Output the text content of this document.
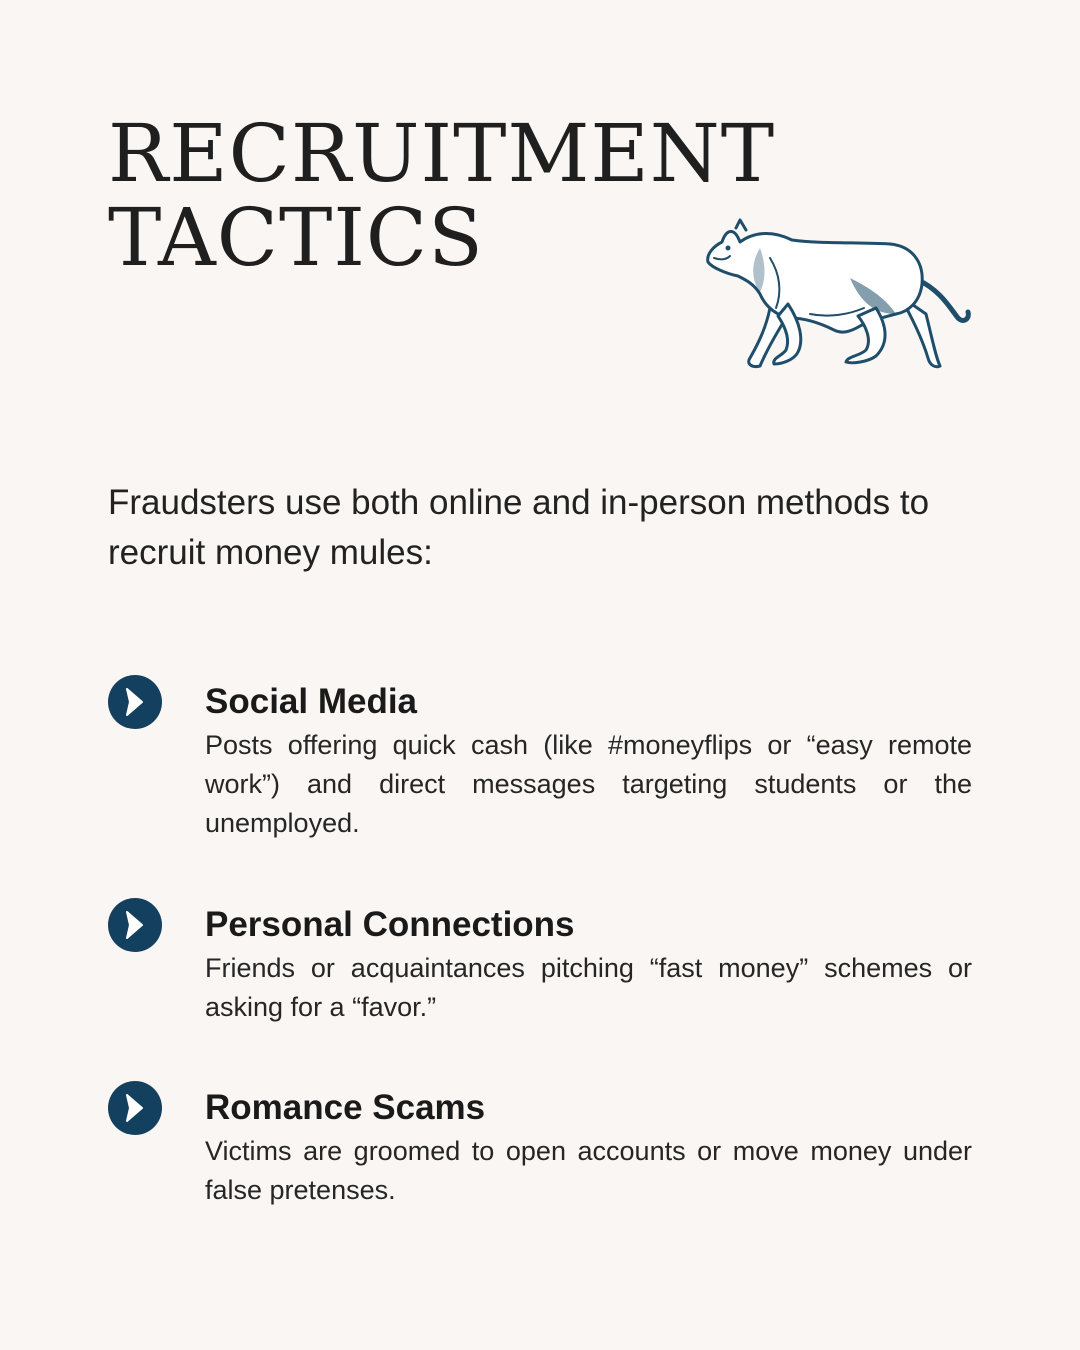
RECRUITMENT
TACTICS

Fraudsters use both online and in-person methods to recruit money mules:

Social Media

Posts offering quick cash (like #moneyflips or “easy remote work”) and direct messages targeting students or the unemployed.

Personal Connections

Friends or acquaintances pitching “fast money” schemes or asking for a “favor.”

Romance Scams

Victims are groomed to open accounts or move money under false pretenses.
